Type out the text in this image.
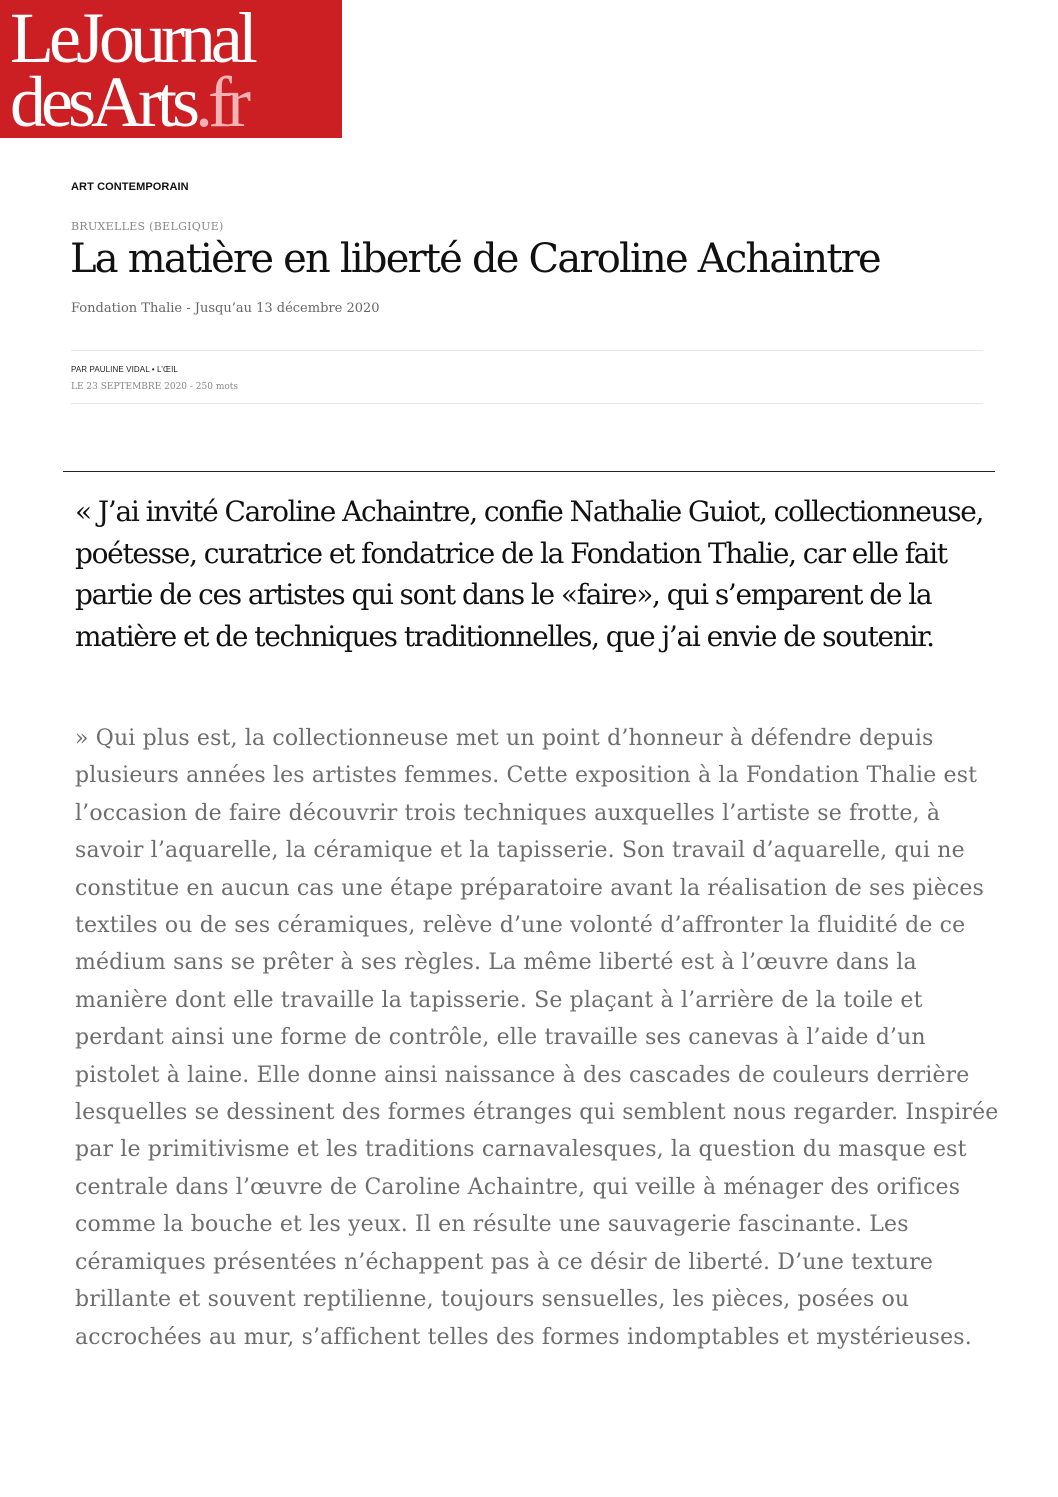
LeJournal
desArts.fr
ART CONTEMPORAIN
BRUXELLES (BELGIQUE)
La matière en liberté de Caroline Achaintre
Fondation Thalie - Jusqu’au 13 décembre 2020
PAR PAULINE VIDAL • L’ŒIL
LE 23 SEPTEMBRE 2020 - 250 mots

« J’ai invité Caroline Achaintre, confie Nathalie Guiot, collectionneuse, poétesse, curatrice et fondatrice de la Fondation Thalie, car elle fait partie de ces artistes qui sont dans le «faire», qui s’emparent de la matière et de techniques traditionnelles, que j’ai envie de soutenir.

» Qui plus est, la collectionneuse met un point d’honneur à défendre depuis plusieurs années les artistes femmes. Cette exposition à la Fondation Thalie est l’occasion de faire découvrir trois techniques auxquelles l’artiste se frotte, à savoir l’aquarelle, la céramique et la tapisserie. Son travail d’aquarelle, qui ne constitue en aucun cas une étape préparatoire avant la réalisation de ses pièces textiles ou de ses céramiques, relève d’une volonté d’affronter la fluidité de ce médium sans se prêter à ses règles. La même liberté est à l’œuvre dans la manière dont elle travaille la tapisserie. Se plaçant à l’arrière de la toile et perdant ainsi une forme de contrôle, elle travaille ses canevas à l’aide d’un pistolet à laine. Elle donne ainsi naissance à des cascades de couleurs derrière lesquelles se dessinent des formes étranges qui semblent nous regarder. Inspirée par le primitivisme et les traditions carnavalesques, la question du masque est centrale dans l’œuvre de Caroline Achaintre, qui veille à ménager des orifices comme la bouche et les yeux. Il en résulte une sauvagerie fascinante. Les céramiques présentées n’échappent pas à ce désir de liberté. D’une texture brillante et souvent reptilienne, toujours sensuelles, les pièces, posées ou accrochées au mur, s’affichent telles des formes indomptables et mystérieuses.
